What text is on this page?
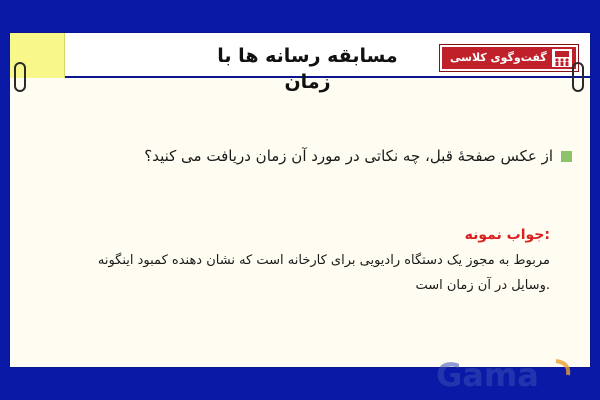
مسابقه رسانه ها با زمان
گفت‌وگوی کلاسی
از عکس صفحهٔ قبل، چه نکاتی در مورد آن زمان دریافت می کنید؟
:جواب نمونه
مربوط به مجوز یک دستگاه رادیویی برای کارخانه است که نشان دهنده کمبود اینگونه
.وسایل در آن زمان است
Gama
